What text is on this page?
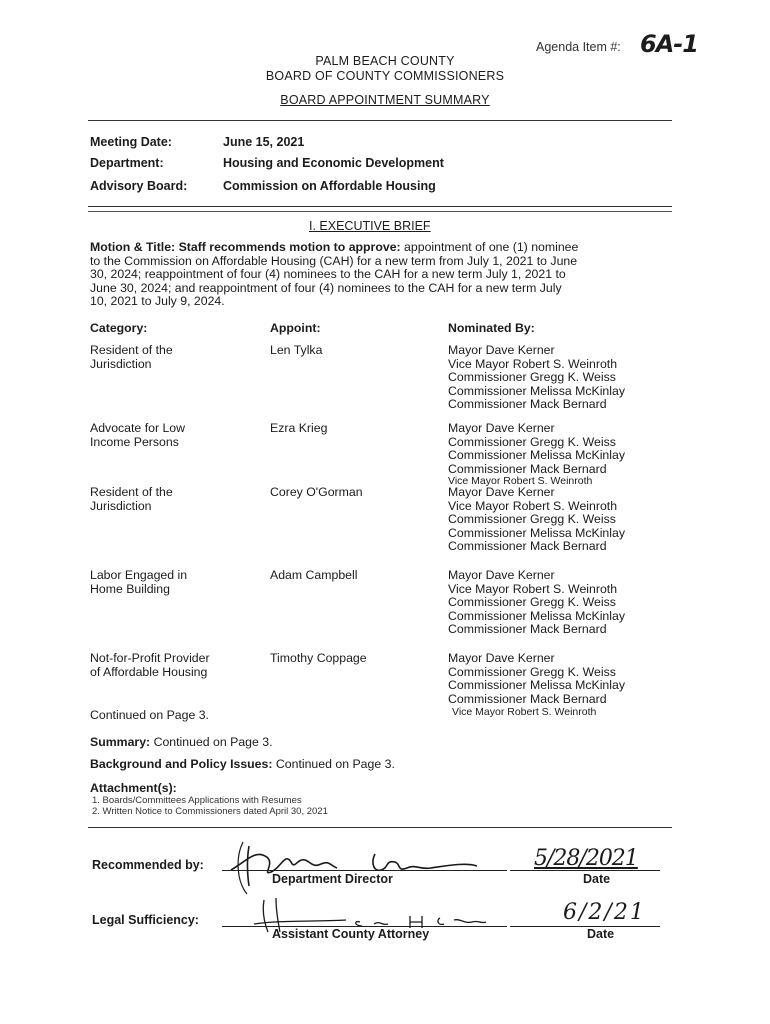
Agenda Item #: 6A-1
PALM BEACH COUNTY
BOARD OF COUNTY COMMISSIONERS
BOARD APPOINTMENT SUMMARY
Meeting Date:	June 15, 2021
Department:	Housing and Economic Development
Advisory Board:	Commission on Affordable Housing
I. EXECUTIVE BRIEF
Motion & Title: Staff recommends motion to approve: appointment of one (1) nominee
to the Commission on Affordable Housing (CAH) for a new term from July 1, 2021 to June
30, 2024; reappointment of four (4) nominees to the CAH for a new term July 1, 2021 to
June 30, 2024; and reappointment of four (4) nominees to the CAH for a new term July
10, 2021 to July 9, 2024.
Category:	Appoint:	Nominated By:
Resident of the
Jurisdiction
Len Tylka	Mayor Dave Kerner
Vice Mayor Robert S. Weinroth
Commissioner Gregg K. Weiss
Commissioner Melissa McKinlay
Commissioner Mack Bernard
Advocate for Low
Income Persons
Ezra Krieg	Mayor Dave Kerner
Commissioner Gregg K. Weiss
Commissioner Melissa McKinlay
Commissioner Mack Bernard
Vice Mayor Robert S. Weinroth
Resident of the
Jurisdiction
Corey O'Gorman	Mayor Dave Kerner
Vice Mayor Robert S. Weinroth
Commissioner Gregg K. Weiss
Commissioner Melissa McKinlay
Commissioner Mack Bernard
Labor Engaged in
Home Building
Adam Campbell	Mayor Dave Kerner
Vice Mayor Robert S. Weinroth
Commissioner Gregg K. Weiss
Commissioner Melissa McKinlay
Commissioner Mack Bernard
Not-for-Profit Provider
of Affordable Housing
Timothy Coppage	Mayor Dave Kerner
Commissioner Gregg K. Weiss
Commissioner Melissa McKinlay
Commissioner Mack Bernard
Vice Mayor Robert S. Weinroth
Continued on Page 3.
Summary: Continued on Page 3.
Background and Policy Issues: Continued on Page 3.
Attachment(s):
1. Boards/Committees Applications with Resumes
2. Written Notice to Commissioners dated April 30, 2021
Recommended by:
Department Director
5/28/2021
Date
Legal Sufficiency:
Assistant County Attorney
6/2/21
Date
